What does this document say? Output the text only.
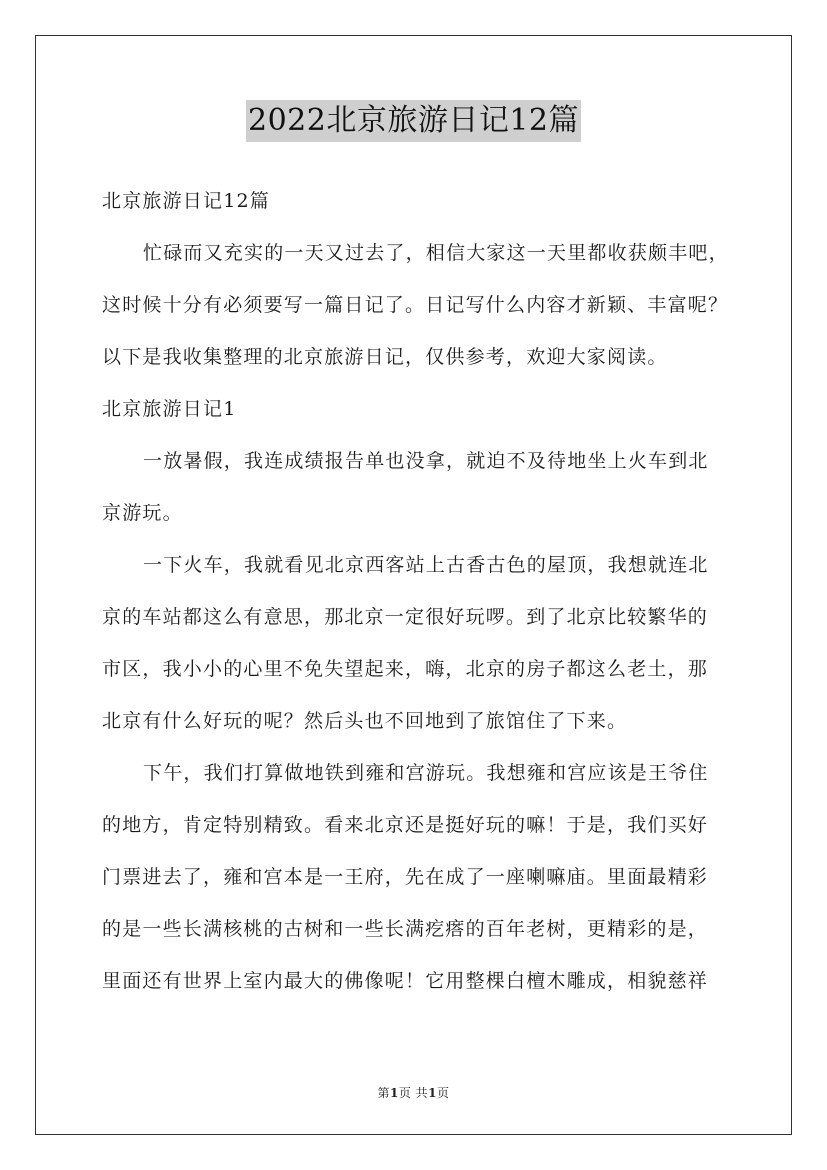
2022北京旅游日记12篇
北京旅游日记12篇
忙碌而又充实的一天又过去了，相信大家这一天里都收获颇丰吧，
这时候十分有必须要写一篇日记了。日记写什么内容才新颖、丰富呢？
以下是我收集整理的北京旅游日记，仅供参考，欢迎大家阅读。
北京旅游日记1
一放暑假，我连成绩报告单也没拿，就迫不及待地坐上火车到北
京游玩。
一下火车，我就看见北京西客站上古香古色的屋顶，我想就连北
京的车站都这么有意思，那北京一定很好玩啰。到了北京比较繁华的
市区，我小小的心里不免失望起来，嗨，北京的房子都这么老土，那
北京有什么好玩的呢？然后头也不回地到了旅馆住了下来。
下午，我们打算做地铁到雍和宫游玩。我想雍和宫应该是王爷住
的地方，肯定特别精致。看来北京还是挺好玩的嘛！于是，我们买好
门票进去了，雍和宫本是一王府，先在成了一座喇嘛庙。里面最精彩
的是一些长满核桃的古树和一些长满疙瘩的百年老树，更精彩的是，
里面还有世界上室内最大的佛像呢！它用整棵白檀木雕成，相貌慈祥
第1页 共1页
